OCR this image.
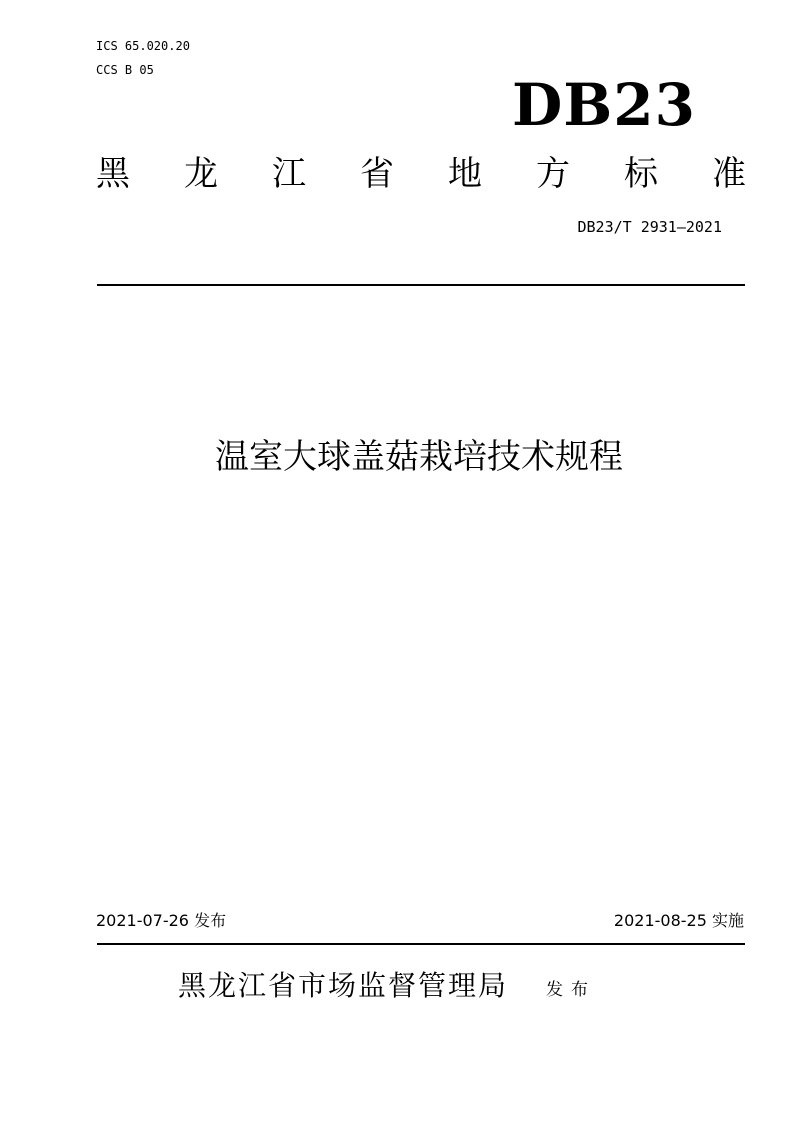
ICS 65.020.20
CCS B 05
DB23
黑 龙 江 省 地 方 标 准
DB23/T 2931—2021
温室大球盖菇栽培技术规程
2021-07-26 发布	2021-08-25 实施
黑龙江省市场监督管理局 发布
